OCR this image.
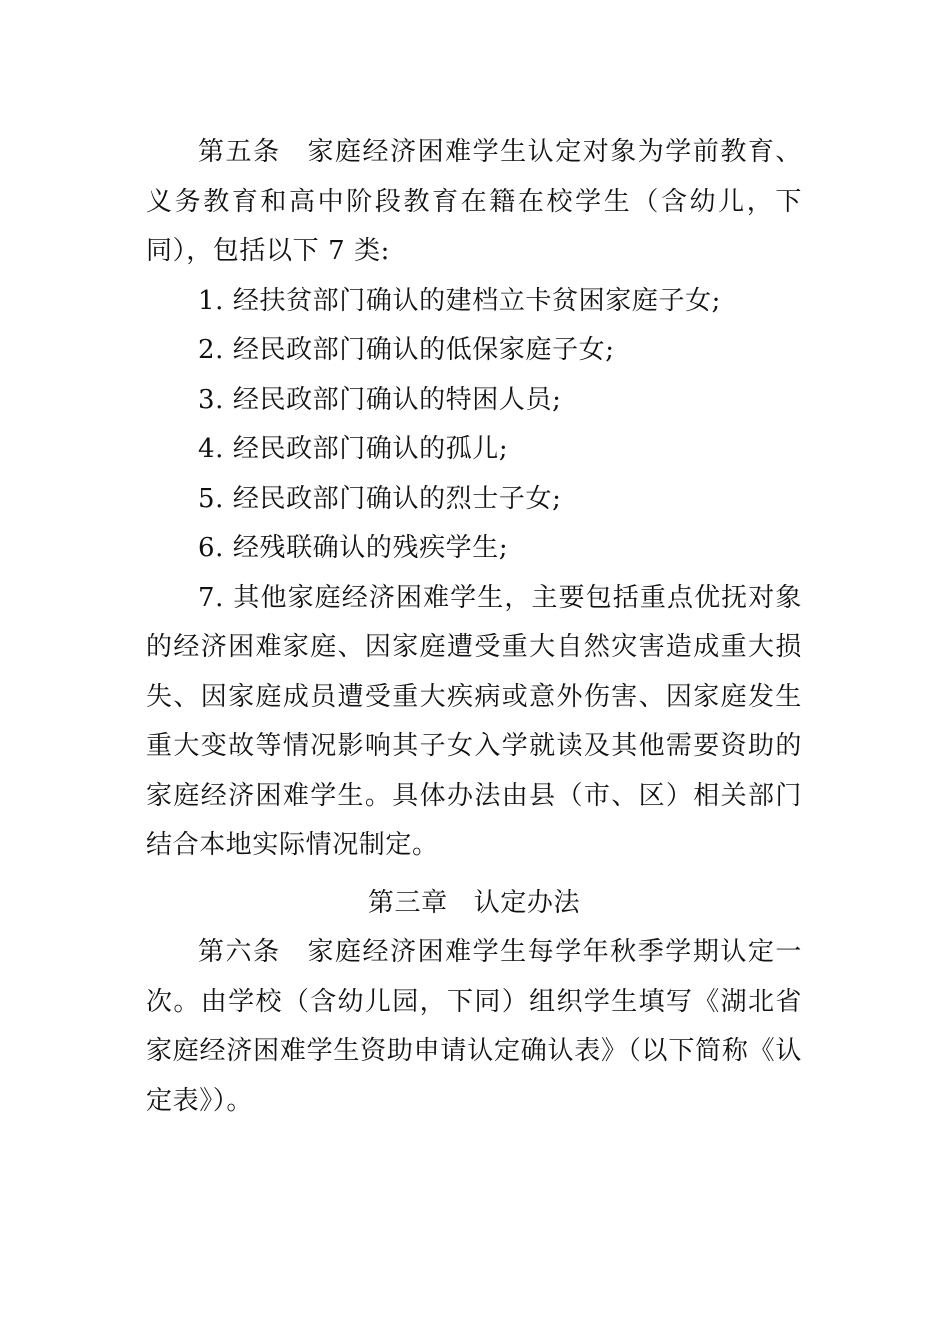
第五条 家庭经济困难学生认定对象为学前教育、义务教育和高中阶段教育在籍在校学生（含幼儿，下同），包括以下 7 类:

1. 经扶贫部门确认的建档立卡贫困家庭子女;

2. 经民政部门确认的低保家庭子女;

3. 经民政部门确认的特困人员;

4. 经民政部门确认的孤儿;

5. 经民政部门确认的烈士子女;

6. 经残联确认的残疾学生;

7. 其他家庭经济困难学生，主要包括重点优抚对象的经济困难家庭、因家庭遭受重大自然灾害造成重大损失、因家庭成员遭受重大疾病或意外伤害、因家庭发生重大变故等情况影响其子女入学就读及其他需要资助的家庭经济困难学生。具体办法由县（市、区）相关部门结合本地实际情况制定。

第三章 认定办法

第六条 家庭经济困难学生每学年秋季学期认定一次。由学校（含幼儿园，下同）组织学生填写《湖北省家庭经济困难学生资助申请认定确认表》（以下简称《认定表》）。
